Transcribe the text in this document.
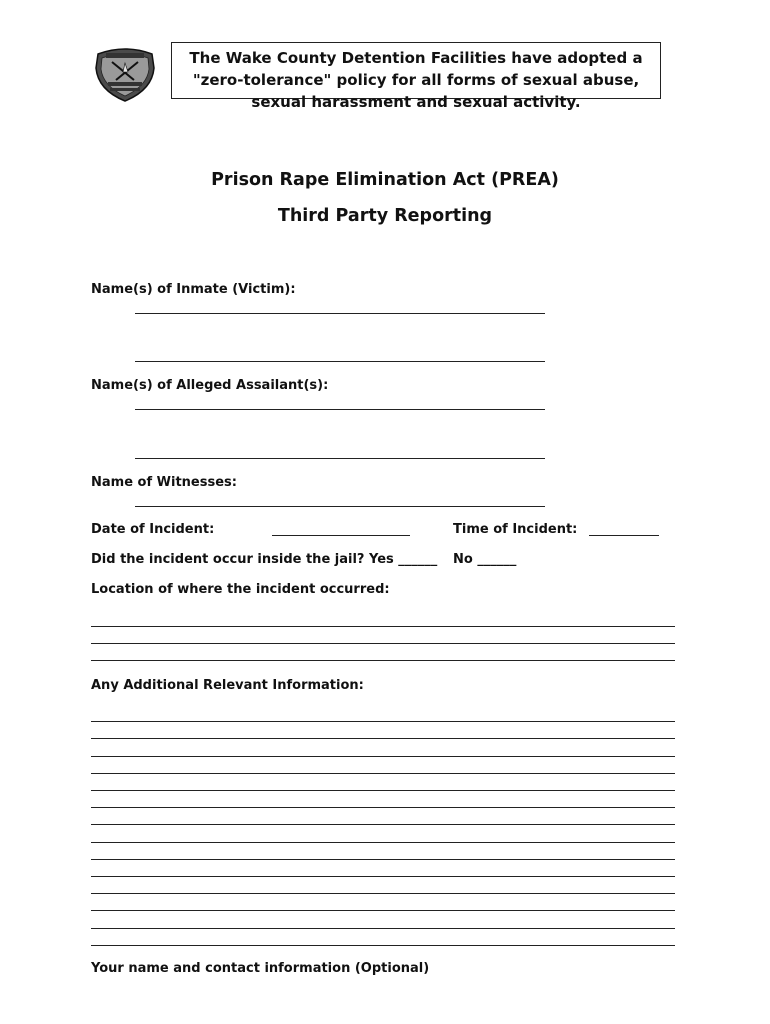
The Wake County Detention Facilities have adopted a
"zero-tolerance" policy for all forms of sexual abuse,
sexual harassment and sexual activity.
Prison Rape Elimination Act (PREA)
Third Party Reporting
Name(s) of Inmate (Victim):
Name(s) of Alleged Assailant(s):
Name of Witnesses:
Date of Incident:	Time of Incident:
Did the incident occur inside the jail? Yes ______ No ______
Location of where the incident occurred:
Any Additional Relevant Information:
Your name and contact information (Optional)
